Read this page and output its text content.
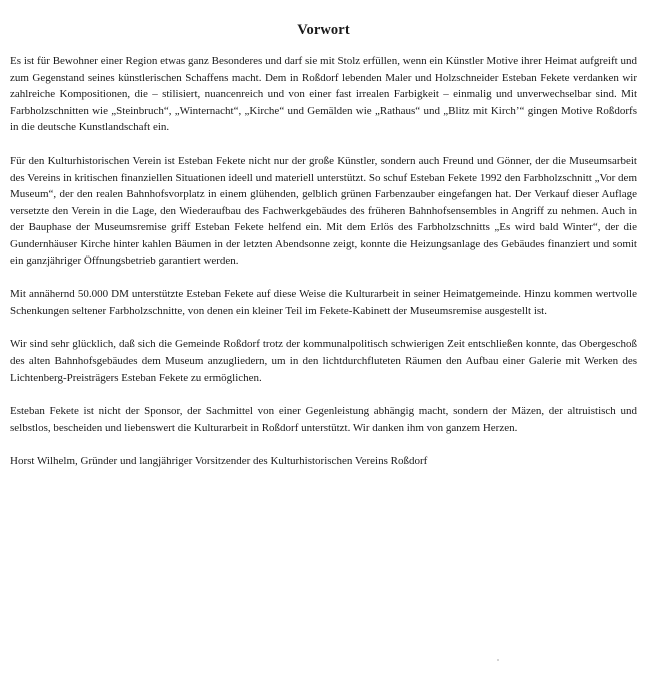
Vorwort

Es ist für Bewohner einer Region etwas ganz Besonderes und darf sie mit Stolz erfüllen, wenn ein Künstler Motive ihrer Heimat aufgreift und zum Gegenstand seines künstlerischen Schaffens macht. Dem in Roßdorf lebenden Maler und Holzschneider Esteban Fekete verdanken wir zahlreiche Kompositionen, die – stilisiert, nuancenreich und von einer fast irrealen Farbigkeit – einmalig und unverwechselbar sind. Mit Farbholzschnitten wie „Steinbruch“, „Winternacht“, „Kirche“ und Gemälden wie „Rathaus“ und „Blitz mit Kirch’“ gingen Motive Roßdorfs in die deutsche Kunstlandschaft ein.

Für den Kulturhistorischen Verein ist Esteban Fekete nicht nur der große Künstler, sondern auch Freund und Gönner, der die Museumsarbeit des Vereins in kritischen finanziellen Situationen ideell und materiell unterstützt. So schuf Esteban Fekete 1992 den Farbholzschnitt „Vor dem Museum“, der den realen Bahnhofsvorplatz in einem glühenden, gelblich grünen Farbenzauber eingefangen hat. Der Verkauf dieser Auflage versetzte den Verein in die Lage, den Wiederaufbau des Fachwerkgebäudes des früheren Bahnhofsensembles in Angriff zu nehmen. Auch in der Bauphase der Museumsremise griff Esteban Fekete helfend ein. Mit dem Erlös des Farbholzschnitts „Es wird bald Winter“, der die Gundernhäuser Kirche hinter kahlen Bäumen in der letzten Abendsonne zeigt, konnte die Heizungsanlage des Gebäudes finanziert und somit ein ganzjähriger Öffnungsbetrieb garantiert werden.

Mit annähernd 50.000 DM unterstützte Esteban Fekete auf diese Weise die Kulturarbeit in seiner Heimatgemeinde. Hinzu kommen wertvolle Schenkungen seltener Farbholzschnitte, von denen ein kleiner Teil im Fekete-Kabinett der Museumsremise ausgestellt ist.

Wir sind sehr glücklich, daß sich die Gemeinde Roßdorf trotz der kommunalpolitisch schwierigen Zeit entschließen konnte, das Obergeschoß des alten Bahnhofsgebäudes dem Museum anzugliedern, um in den lichtdurchfluteten Räumen den Aufbau einer Galerie mit Werken des Lichtenberg-Preisträgers Esteban Fekete zu ermöglichen.

Esteban Fekete ist nicht der Sponsor, der Sachmittel von einer Gegenleistung abhängig macht, sondern der Mäzen, der altruistisch und selbstlos, bescheiden und liebenswert die Kulturarbeit in Roßdorf unterstützt. Wir danken ihm von ganzem Herzen.

Horst Wilhelm, Gründer und langjähriger Vorsitzender des Kulturhistorischen Vereins Roßdorf
